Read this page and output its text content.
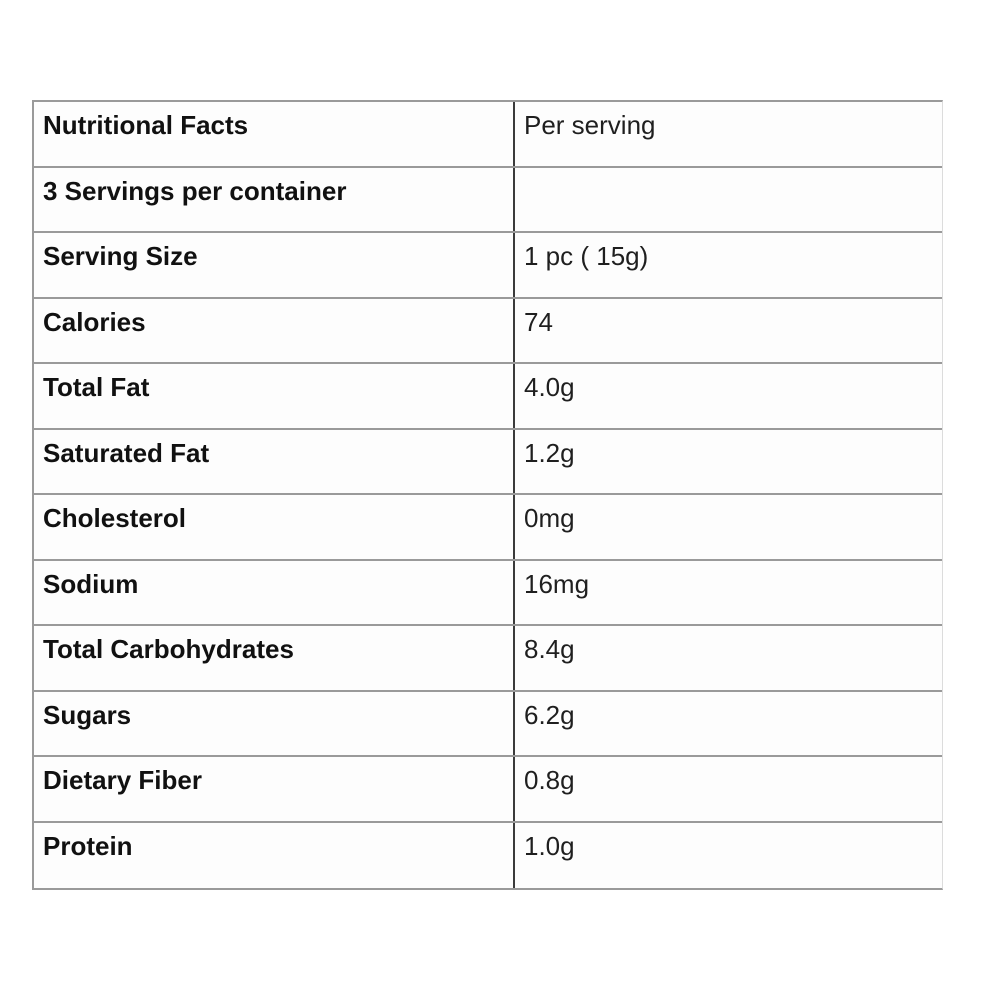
Nutritional Facts	Per serving
3 Servings per container
Serving Size	1 pc ( 15g)
Calories	74
Total Fat	4.0g
Saturated Fat	1.2g
Cholesterol	0mg
Sodium	16mg
Total Carbohydrates	8.4g
Sugars	6.2g
Dietary Fiber	0.8g
Protein	1.0g
